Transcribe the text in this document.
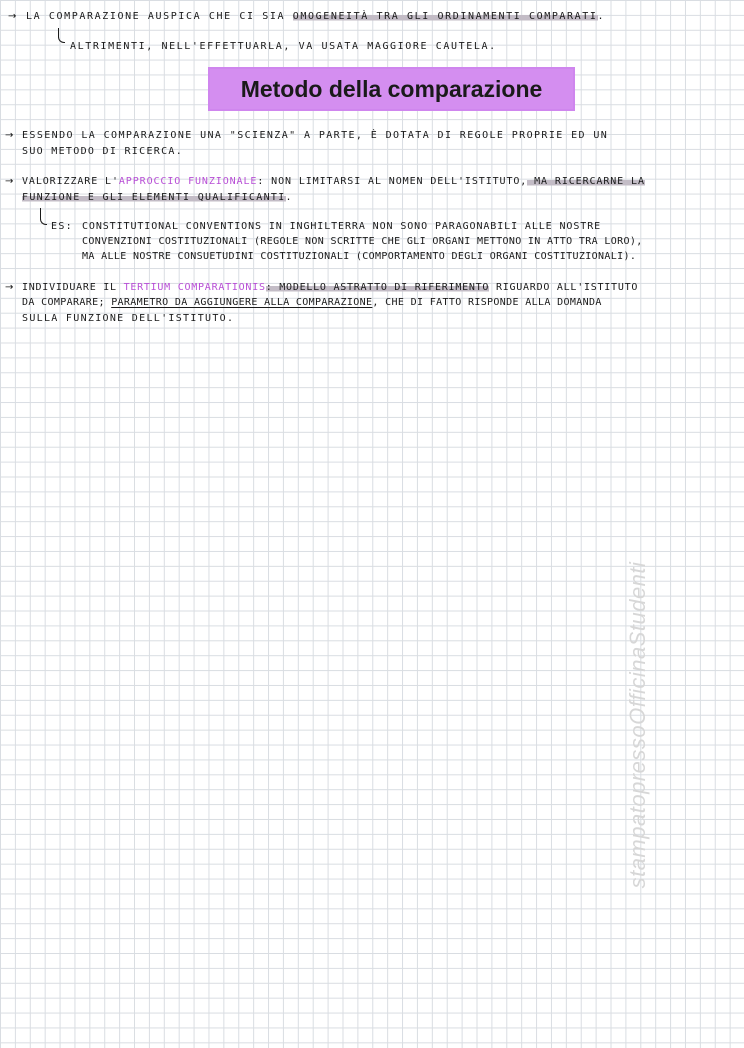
→ LA COMPARAZIONE AUSPICA CHE CI SIA OMOGENEITÀ TRA GLI ORDINAMENTI COMPARATI.
ALTRIMENTI, NELL'EFFETTUARLA, VA USATA MAGGIORE CAUTELA.
Metodo della comparazione
→ ESSENDO LA COMPARAZIONE UNA "SCIENZA" A PARTE, È DOTATA DI REGOLE PROPRIE ED UN
SUO METODO DI RICERCA.
→ VALORIZZARE L'APPROCCIO FUNZIONALE: NON LIMITARSI AL NOMEN DELL'ISTITUTO, MA RICERCARNE LA
FUNZIONE E GLI ELEMENTI QUALIFICANTI.
ES: CONSTITUTIONAL CONVENTIONS IN INGHILTERRA NON SONO PARAGONABILI ALLE NOSTRE
CONVENZIONI COSTITUZIONALI (REGOLE NON SCRITTE CHE GLI ORGANI METTONO IN ATTO TRA LORO),
MA ALLE NOSTRE CONSUETUDINI COSTITUZIONALI (COMPORTAMENTO DEGLI ORGANI COSTITUZIONALI).
→ INDIVIDUARE IL TERTIUM COMPARATIONIS: MODELLO ASTRATTO DI RIFERIMENTO RIGUARDO ALL'ISTITUTO
DA COMPARARE; PARAMETRO DA AGGIUNGERE ALLA COMPARAZIONE, CHE DI FATTO RISPONDE ALLA DOMANDA
SULLA FUNZIONE DELL'ISTITUTO.
stampatopressoOfficinaStudenti
